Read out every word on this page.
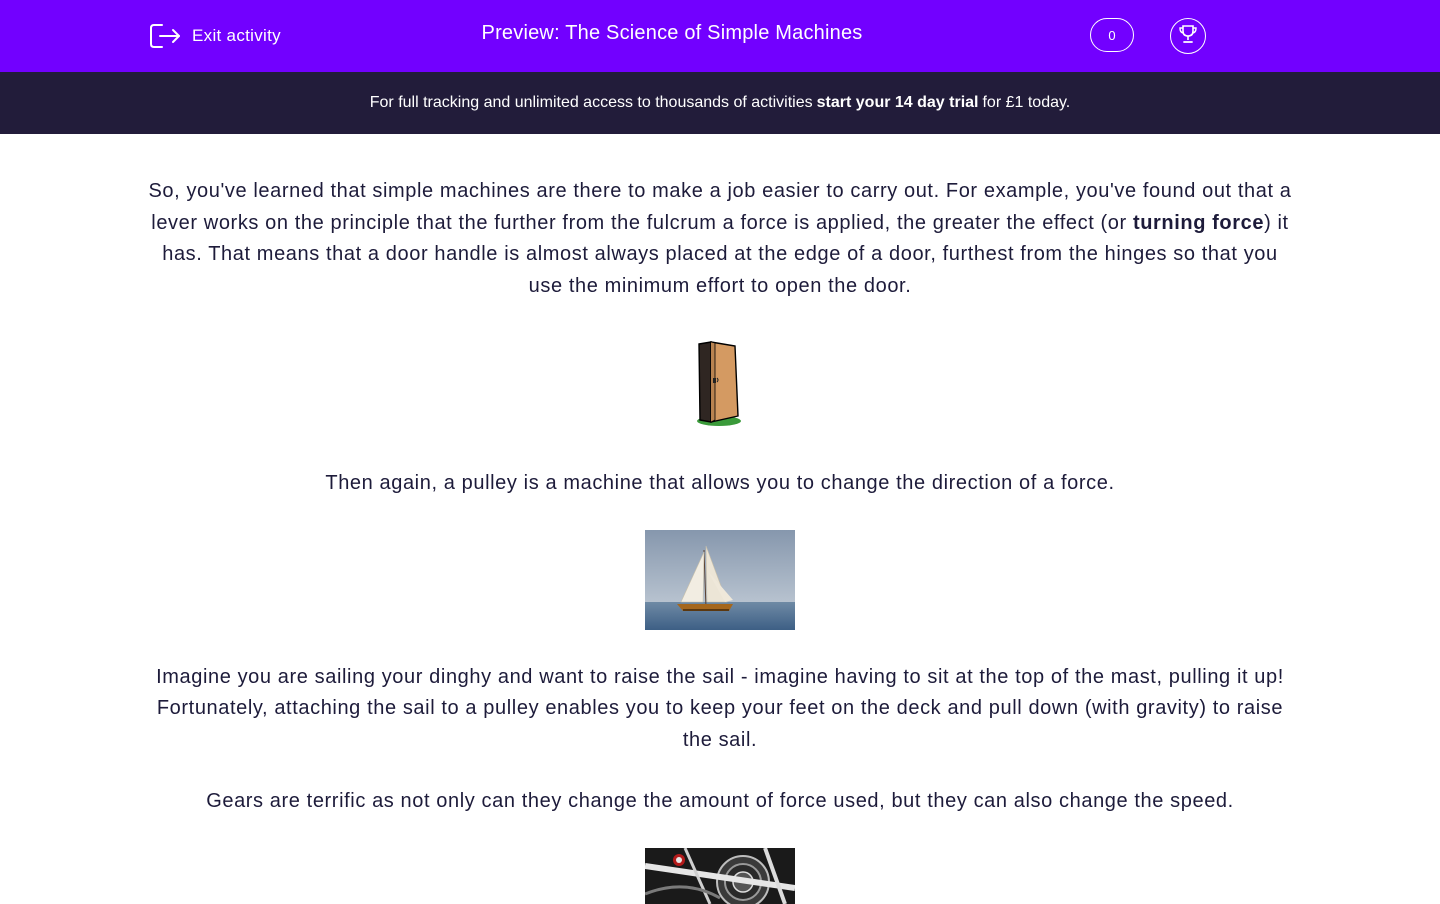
Exit activity	Preview: The Science of Simple Machines	0
For full tracking and unlimited access to thousands of activities start your 14 day trial for £1 today.

So, you've learned that simple machines are there to make a job easier to carry out. For example, you've found out that a lever works on the principle that the further from the fulcrum a force is applied, the greater the effect (or turning force) it has. That means that a door handle is almost always placed at the edge of a door, furthest from the hinges so that you use the minimum effort to open the door.

Then again, a pulley is a machine that allows you to change the direction of a force.

Imagine you are sailing your dinghy and want to raise the sail - imagine having to sit at the top of the mast, pulling it up! Fortunately, attaching the sail to a pulley enables you to keep your feet on the deck and pull down (with gravity) to raise the sail.

Gears are terrific as not only can they change the amount of force used, but they can also change the speed.
